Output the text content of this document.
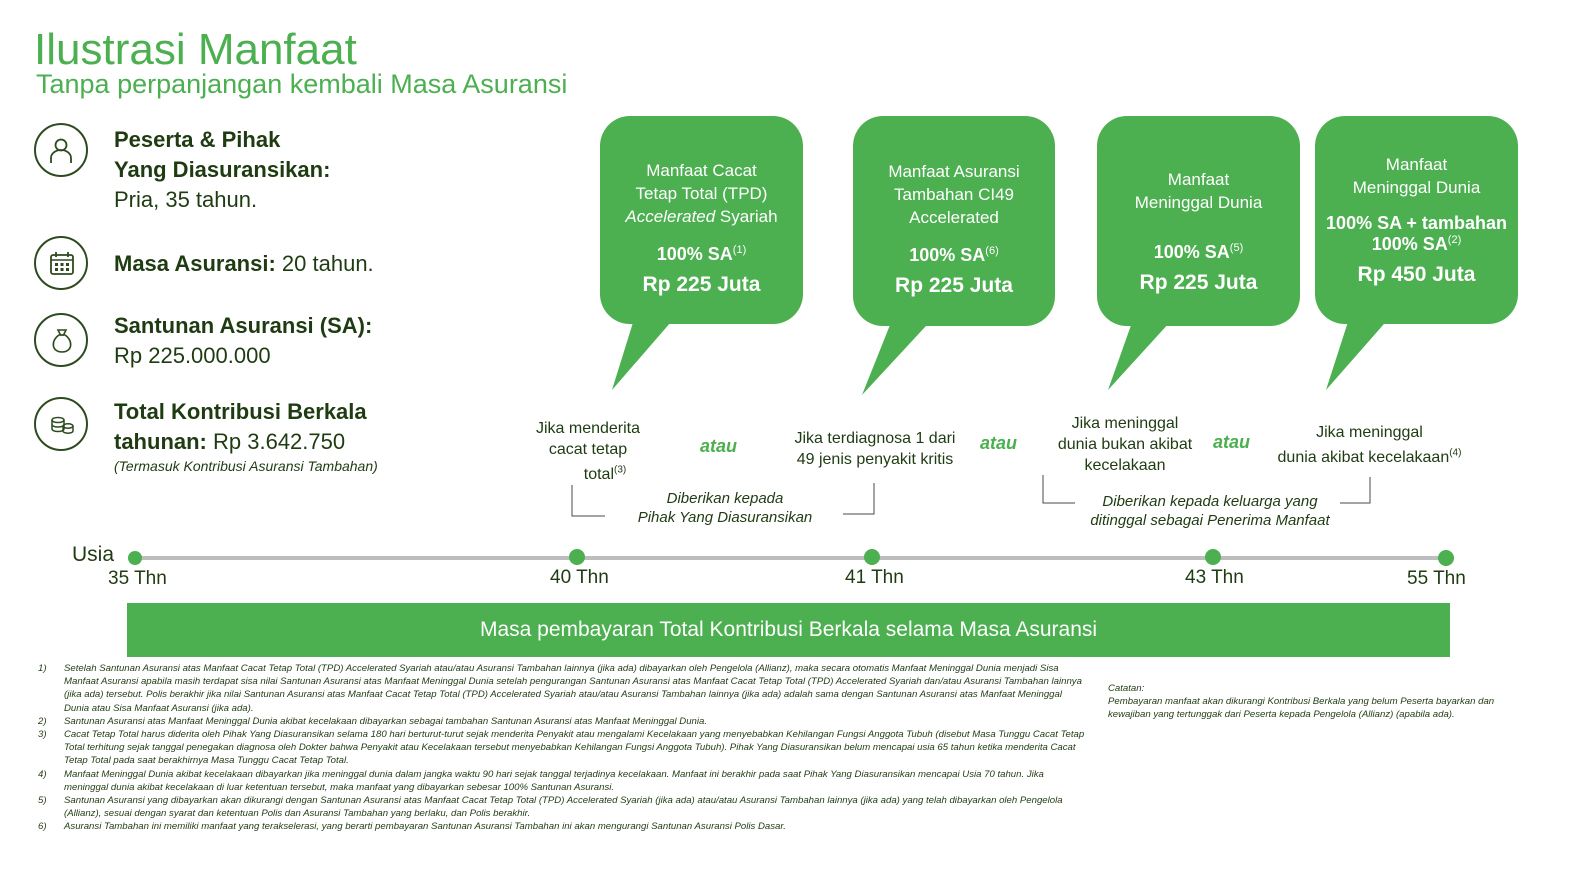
Ilustrasi Manfaat
Tanpa perpanjangan kembali Masa Asuransi
Peserta & Pihak
Yang Diasuransikan:
Pria, 35 tahun.
Masa Asuransi: 20 tahun.
Santunan Asuransi (SA):
Rp 225.000.000
Total Kontribusi Berkala
tahunan: Rp 3.642.750
(Termasuk Kontribusi Asuransi Tambahan)
Manfaat Cacat
Tetap Total (TPD)
Accelerated Syariah
100% SA$^{(1)}$
Rp 225 Juta
Manfaat Asuransi
Tambahan CI49
Accelerated
100% SA$^{(6)}$
Rp 225 Juta
Manfaat
Meninggal Dunia
100% SA$^{(5)}$
Rp 225 Juta
Manfaat
Meninggal Dunia
100% SA + tambahan
100% SA$^{(2)}$
Rp 450 Juta
Jika menderita
cacat tetap
total$^{(3)}$
Jika terdiagnosa 1 dari
49 jenis penyakit kritis
Jika meninggal
dunia bukan akibat
kecelakaan
Jika meninggal
dunia akibat kecelakaan$^{(4)}$
atau	atau	atau
Diberikan kepada
Pihak Yang Diasuransikan
Diberikan kepada keluarga yang
ditinggal sebagai Penerima Manfaat
Usia
35 Thn	40 Thn	41 Thn	43 Thn	55 Thn
Masa pembayaran Total Kontribusi Berkala selama Masa Asuransi
1)	Setelah Santunan Asuransi atas Manfaat Cacat Tetap Total (TPD) Accelerated Syariah atau/atau Asuransi Tambahan lainnya (jika ada) dibayarkan oleh Pengelola (Allianz), maka secara otomatis Manfaat Meninggal Dunia menjadi Sisa Manfaat Asuransi apabila masih terdapat sisa nilai Santunan Asuransi atas Manfaat Meninggal Dunia setelah pengurangan Santunan Asuransi atas Manfaat Cacat Tetap Total (TPD) Accelerated Syariah dan/atau Asuransi Tambahan lainnya (jika ada) tersebut. Polis berakhir jika nilai Santunan Asuransi atas Manfaat Cacat Tetap Total (TPD) Accelerated Syariah atau/atau Asuransi Tambahan lainnya (jika ada) adalah sama dengan Santunan Asuransi atas Manfaat Meninggal Dunia atau Sisa Manfaat Asuransi (jika ada).
2)	Santunan Asuransi atas Manfaat Meninggal Dunia akibat kecelakaan dibayarkan sebagai tambahan Santunan Asuransi atas Manfaat Meninggal Dunia.
3)	Cacat Tetap Total harus diderita oleh Pihak Yang Diasuransikan selama 180 hari berturut-turut sejak menderita Penyakit atau mengalami Kecelakaan yang menyebabkan Kehilangan Fungsi Anggota Tubuh (disebut Masa Tunggu Cacat Tetap Total terhitung sejak tanggal penegakan diagnosa oleh Dokter bahwa Penyakit atau Kecelakaan tersebut menyebabkan Kehilangan Fungsi Anggota Tubuh). Pihak Yang Diasuransikan belum mencapai usia 65 tahun ketika menderita Cacat Tetap Total pada saat berakhirnya Masa Tunggu Cacat Tetap Total.
4)	Manfaat Meninggal Dunia akibat kecelakaan dibayarkan jika meninggal dunia dalam jangka waktu 90 hari sejak tanggal terjadinya kecelakaan. Manfaat ini berakhir pada saat Pihak Yang Diasuransikan mencapai Usia 70 tahun. Jika meninggal dunia akibat kecelakaan di luar ketentuan tersebut, maka manfaat yang dibayarkan sebesar 100% Santunan Asuransi.
5)	Santunan Asuransi yang dibayarkan akan dikurangi dengan Santunan Asuransi atas Manfaat Cacat Tetap Total (TPD) Accelerated Syariah (jika ada) atau/atau Asuransi Tambahan lainnya (jika ada) yang telah dibayarkan oleh Pengelola (Allianz), sesuai dengan syarat dan ketentuan Polis dan Asuransi Tambahan yang berlaku, dan Polis berakhir.
6)	Asuransi Tambahan ini memiliki manfaat yang terakselerasi, yang berarti pembayaran Santunan Asuransi Tambahan ini akan mengurangi Santunan Asuransi Polis Dasar.
Catatan:
Pembayaran manfaat akan dikurangi Kontribusi Berkala yang belum Peserta bayarkan dan kewajiban yang tertunggak dari Peserta kepada Pengelola (Allianz) (apabila ada).
